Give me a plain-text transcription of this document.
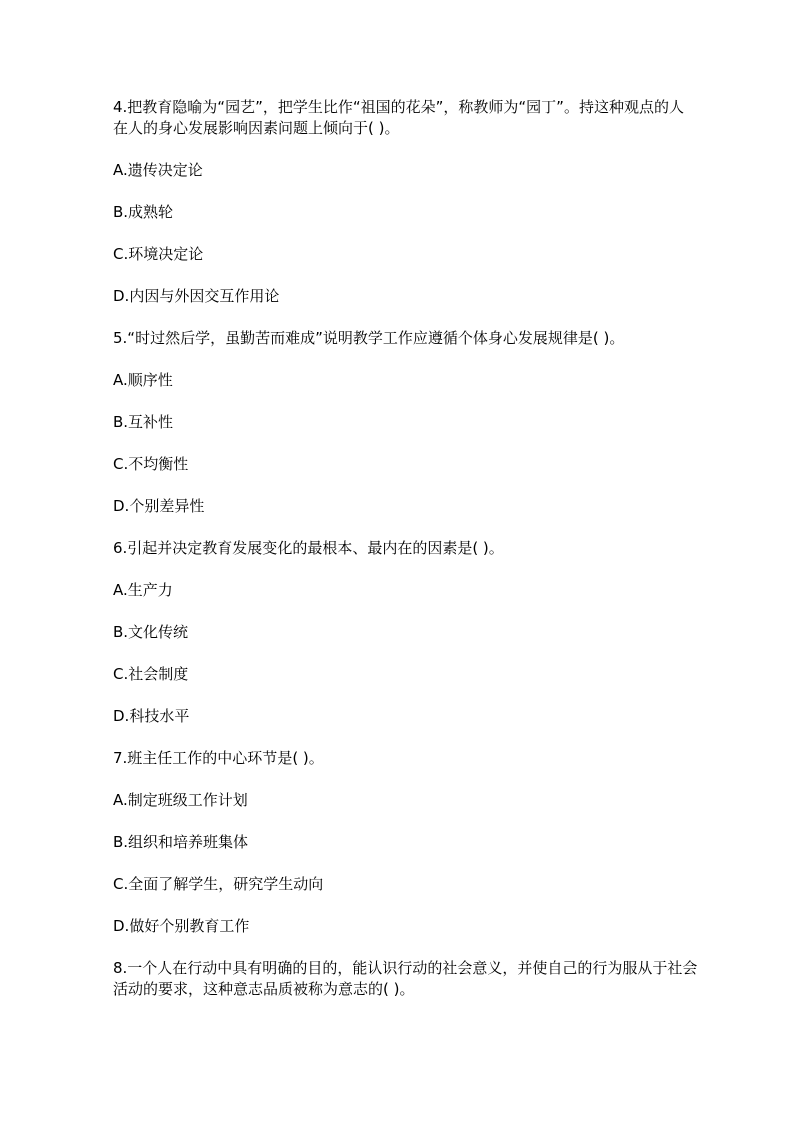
4.把教育隐喻为“园艺”，把学生比作“祖国的花朵”，称教师为“园丁”。持这种观点的人
在人的身心发展影响因素问题上倾向于( )。
A.遗传决定论
B.成熟轮
C.环境决定论
D.内因与外因交互作用论
5.“时过然后学，虽勤苦而难成”说明教学工作应遵循个体身心发展规律是( )。
A.顺序性
B.互补性
C.不均衡性
D.个别差异性
6.引起并决定教育发展变化的最根本、最内在的因素是( )。
A.生产力
B.文化传统
C.社会制度
D.科技水平
7.班主任工作的中心环节是( )。
A.制定班级工作计划
B.组织和培养班集体
C.全面了解学生，研究学生动向
D.做好个别教育工作
8.一个人在行动中具有明确的目的，能认识行动的社会意义，并使自己的行为服从于社会
活动的要求，这种意志品质被称为意志的( )。
